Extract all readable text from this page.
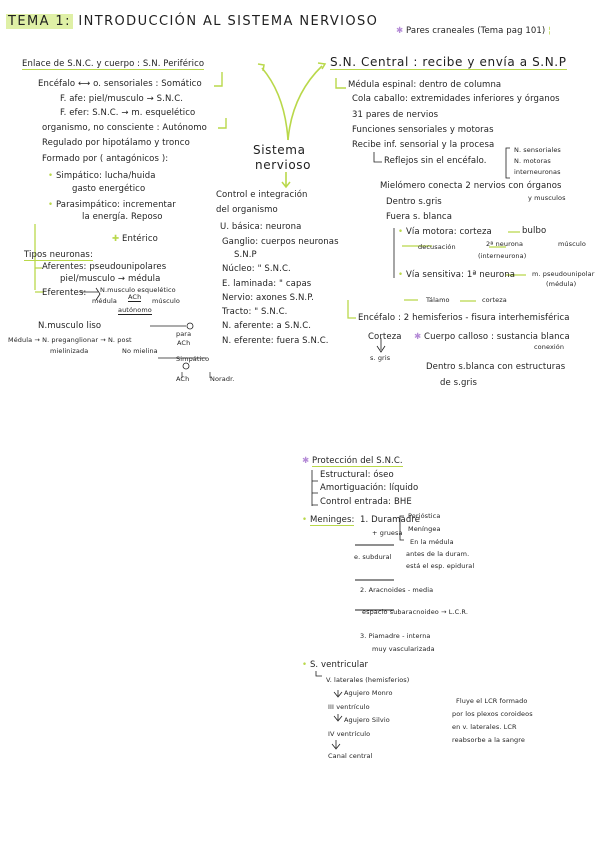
TEMA 1: INTRODUCCIÓN AL SISTEMA NERVIOSO
✱ Pares craneales (Tema pag 101) ¦
Sistema
nervioso
Enlace de S.N.C. y cuerpo : S.N. Periférico
Encéfalo ⟷ o. sensoriales : Somático
F. afe: piel/musculo → S.N.C.
F. efer: S.N.C. → m. esquelético
organismo, no consciente : Autónomo
Regulado por hipotálamo y tronco
Formado por ( antagónicos ):
• Simpático: lucha/huida
gasto energético
• Parasimpático: incrementar
la energía. Reposo
✚ Entérico
Tipos neuronas:
Aferentes: pseudounipolares
piel/musculo → médula
Eferentes: N.musculo esquelético
médula ACh músculo
autónomo
N.musculo liso
Médula → N. preganglionar → N. post
para
ACh
mielinizada	No mielina
Simpático
ACh	Noradr.
Control e integración
del organismo
U. básica: neurona
Ganglio: cuerpos neuronas
S.N.P
Núcleo: " S.N.C.
E. laminada: " capas
Nervio: axones S.N.P.
Tracto: " S.N.C.
N. aferente: a S.N.C.
N. eferente: fuera S.N.C.
S.N. Central : recibe y envía a S.N.P
Médula espinal: dentro de columna
Cola caballo: extremidades inferiores y órganos
31 pares de nervios
Funciones sensoriales y motoras
Recibe inf. sensorial y la procesa
Reflejos sin el encéfalo.
N. sensoriales
N. motoras
interneuronas
Mielómero conecta 2 nervios con órganos
y musculos
Dentro s.gris
Fuera s. blanca
• Vía motora: corteza	bulbo
decusación	2ª neurona
(interneurona)
músculo
• Vía sensitiva: 1ª neurona	m. pseudounipolar
(médula)
Tálamo	corteza
Encéfalo : 2 hemisferios - fisura interhemisférica
Corteza
s. gris
✱ Cuerpo calloso : sustancia blanca
conexión
Dentro s.blanca con estructuras
de s.gris
✱ Protección del S.N.C.
Estructural: óseo
Amortiguación: líquido
Control entrada: BHE
• Meninges: 1. Duramadre
+ gruesa
Perióstica
Meníngea
En la médula
antes de la duram.
está el esp. epidural
e. subdural
2. Aracnoides - media
espacio subaracnoideo → L.C.R.
3. Piamadre - interna
muy vascularizada
• S. ventricular
V. laterales (hemisferios)
Agujero Monro
III ventrículo
Agujero Silvio
IV ventrículo
Canal central
Fluye el LCR formado
por los plexos coroideos
en v. laterales. LCR
reabsorbe a la sangre
